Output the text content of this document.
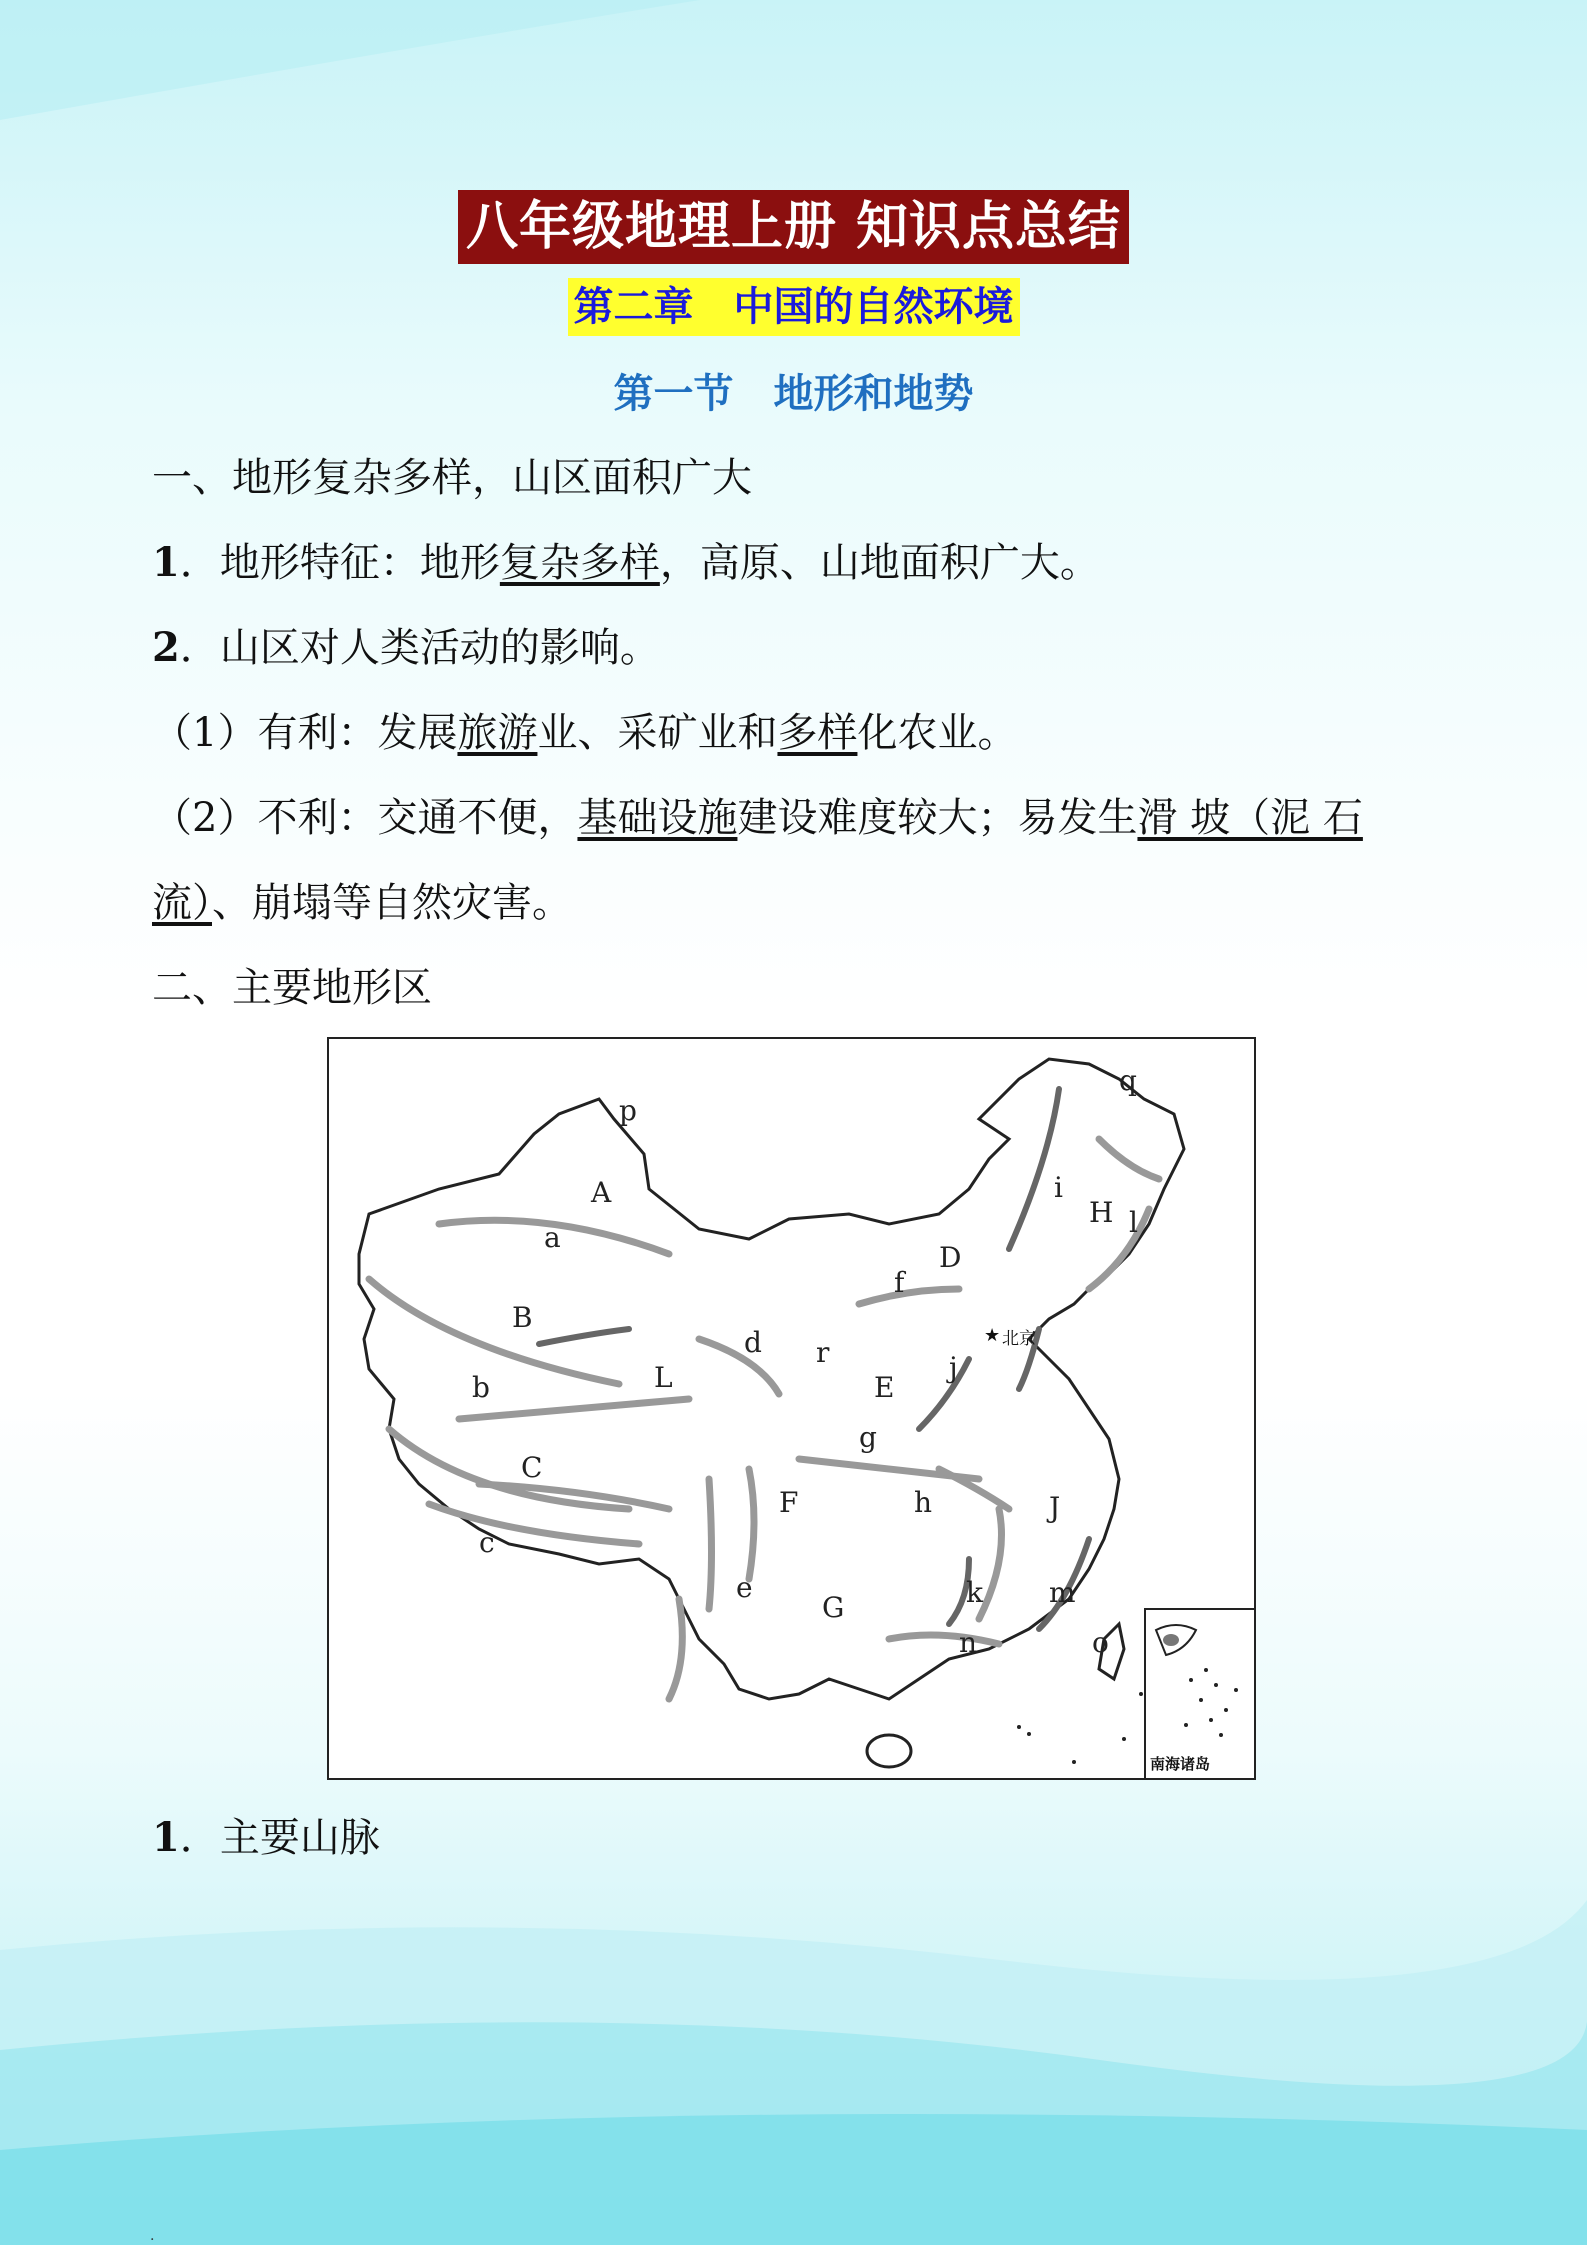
八年级地理上册 知识点总结
第二章　中国的自然环境
第一节　地形和地势
一、地形复杂多样，山区面积广大
1．地形特征：地形复杂多样，高原、山地面积广大。
2．山区对人类活动的影响。
（1）有利：发展旅游业、采矿业和多样化农业。
（2）不利：交通不便，基础设施建设难度较大；易发生滑 坡（泥 石
流）、崩塌等自然灾害。
二、主要地形区
★
p
A
a
B
b	L
d r
f
D
i
H
q
l
E
j
g
C
F	h	J
c
e
G	k m
n	o
北京
南海诸岛
1．主要山脉
.
